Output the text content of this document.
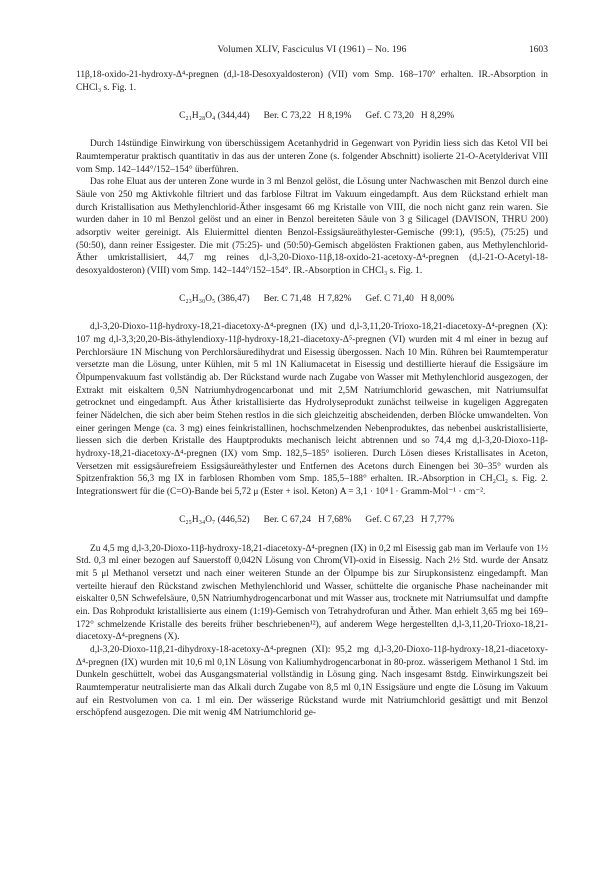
Volumen XLIV, Fasciculus VI (1961) – No. 196	1603

11β,18-oxido-21-hydroxy-Δ⁴-pregnen (d,l-18-Desoxyaldosteron) (VII) vom Smp. 168–170° erhalten. IR.-Absorption in CHCl₃ s. Fig. 1.

C₂₁H₂₈O₄ (344,44) Ber. C 73,22   H 8,19% Gef. C 73,20   H 8,29%

Durch 14stündige Einwirkung von überschüssigem Acetanhydrid in Gegenwart von Pyridin liess sich das Ketol VII bei Raumtemperatur praktisch quantitativ in das aus der unteren Zone (s. folgender Abschnitt) isolierte 21-O-Acetylderivat VIII vom Smp. 142–144°/152–154° überführen.

Das rohe Eluat aus der unteren Zone wurde in 3 ml Benzol gelöst, die Lösung unter Nachwaschen mit Benzol durch eine Säule von 250 mg Aktivkohle filtriert und das farblose Filtrat im Vakuum eingedampft. Aus dem Rückstand erhielt man durch Kristallisation aus Methylenchlorid-Äther insgesamt 66 mg Kristalle von VIII, die noch nicht ganz rein waren. Sie wurden daher in 10 ml Benzol gelöst und an einer in Benzol bereiteten Säule von 3 g Silicagel (DAVISON, THRU 200) adsorptiv weiter gereinigt. Als Eluiermittel dienten Benzol-Essigsäureäthylester-Gemische (99:1), (95:5), (75:25) und (50:50), dann reiner Essigester. Die mit (75:25)- und (50:50)-Gemisch abgelösten Fraktionen gaben, aus Methylenchlorid-Äther umkristallisiert, 44,7 mg reines d,l-3,20-Dioxo-11β,18-oxido-21-acetoxy-Δ⁴-pregnen (d,l-21-O-Acetyl-18-desoxyaldosteron) (VIII) vom Smp. 142–144°/152–154°. IR.-Absorption in CHCl₃ s. Fig. 1.

C₂₃H₃₀O₅ (386,47) Ber. C 71,48   H 7,82% Gef. C 71,40   H 8,00%

d,l-3,20-Dioxo-11β-hydroxy-18,21-diacetoxy-Δ⁴-pregnen (IX) und d,l-3,11,20-Trioxo-18,21-diacetoxy-Δ⁴-pregnen (X): 107 mg d,l-3,3;20,20-Bis-äthylendioxy-11β-hydroxy-18,21-diacetoxy-Δ⁵-pregnen (VI) wurden mit 4 ml einer in bezug auf Perchlorsäure 1N Mischung von Perchlorsäuredihydrat und Eisessig übergossen. Nach 10 Min. Rühren bei Raumtemperatur versetzte man die Lösung, unter Kühlen, mit 5 ml 1N Kaliumacetat in Eisessig und destillierte hierauf die Essigsäure im Ölpumpenvakuum fast vollständig ab. Der Rückstand wurde nach Zugabe von Wasser mit Methylenchlorid ausgezogen, der Extrakt mit eiskaltem 0,5N Natriumhydrogencarbonat und mit 2,5M Natriumchlorid gewaschen, mit Natriumsulfat getrocknet und eingedampft. Aus Äther kristallisierte das Hydrolyseprodukt zunächst teilweise in kugeligen Aggregaten feiner Nädelchen, die sich aber beim Stehen restlos in die sich gleichzeitig abscheidenden, derben Blöcke umwandelten. Von einer geringen Menge (ca. 3 mg) eines feinkristallinen, hochschmelzenden Nebenproduktes, das nebenbei auskristallisierte, liessen sich die derben Kristalle des Hauptprodukts mechanisch leicht abtrennen und so 74,4 mg d,l-3,20-Dioxo-11β-hydroxy-18,21-diacetoxy-Δ⁴-pregnen (IX) vom Smp. 182,5–185° isolieren. Durch Lösen dieses Kristallisates in Aceton, Versetzen mit essigsäurefreiem Essigsäureäthylester und Entfernen des Acetons durch Einengen bei 30–35° wurden als Spitzenfraktion 56,3 mg IX in farblosen Rhomben vom Smp. 185,5–188° erhalten. IR.-Absorption in CH₂Cl₂ s. Fig. 2. Integrationswert für die (C=O)-Bande bei 5,72 μ (Ester + isol. Keton) A = 3,1 · 10⁴ l · Gramm-Mol⁻¹ · cm⁻².

C₂₅H₃₄O₇ (446,52) Ber. C 67,24   H 7,68% Gef. C 67,23   H 7,77%

Zu 4,5 mg d,l-3,20-Dioxo-11β-hydroxy-18,21-diacetoxy-Δ⁴-pregnen (IX) in 0,2 ml Eisessig gab man im Verlaufe von 1½ Std. 0,3 ml einer bezogen auf Sauerstoff 0,042N Lösung von Chrom(VI)-oxid in Eisessig. Nach 2½ Std. wurde der Ansatz mit 5 μl Methanol versetzt und nach einer weiteren Stunde an der Ölpumpe bis zur Sirupkonsistenz eingedampft. Man verteilte hierauf den Rückstand zwischen Methylenchlorid und Wasser, schüttelte die organische Phase nacheinander mit eiskalter 0,5N Schwefelsäure, 0,5N Natriumhydrogencarbonat und mit Wasser aus, trocknete mit Natriumsulfat und dampfte ein. Das Rohprodukt kristallisierte aus einem (1:19)-Gemisch von Tetrahydrofuran und Äther. Man erhielt 3,65 mg bei 169–172° schmelzende Kristalle des bereits früher beschriebenen¹²), auf anderem Wege hergestellten d,l-3,11,20-Trioxo-18,21-diacetoxy-Δ⁴-pregnens (X).

d,l-3,20-Dioxo-11β,21-dihydroxy-18-acetoxy-Δ⁴-pregnen (XI): 95,2 mg d,l-3,20-Dioxo-11β-hydroxy-18,21-diacetoxy-Δ⁴-pregnen (IX) wurden mit 10,6 ml 0,1N Lösung von Kaliumhydrogencarbonat in 80-proz. wässerigem Methanol 1 Std. im Dunkeln geschüttelt, wobei das Ausgangsmaterial vollständig in Lösung ging. Nach insgesamt 8stdg. Einwirkungszeit bei Raumtemperatur neutralisierte man das Alkali durch Zugabe von 8,5 ml 0,1N Essigsäure und engte die Lösung im Vakuum auf ein Restvolumen von ca. 1 ml ein. Der wässerige Rückstand wurde mit Natriumchlorid gesättigt und mit Benzol erschöpfend ausgezogen. Die mit wenig 4M Natriumchlorid ge-
